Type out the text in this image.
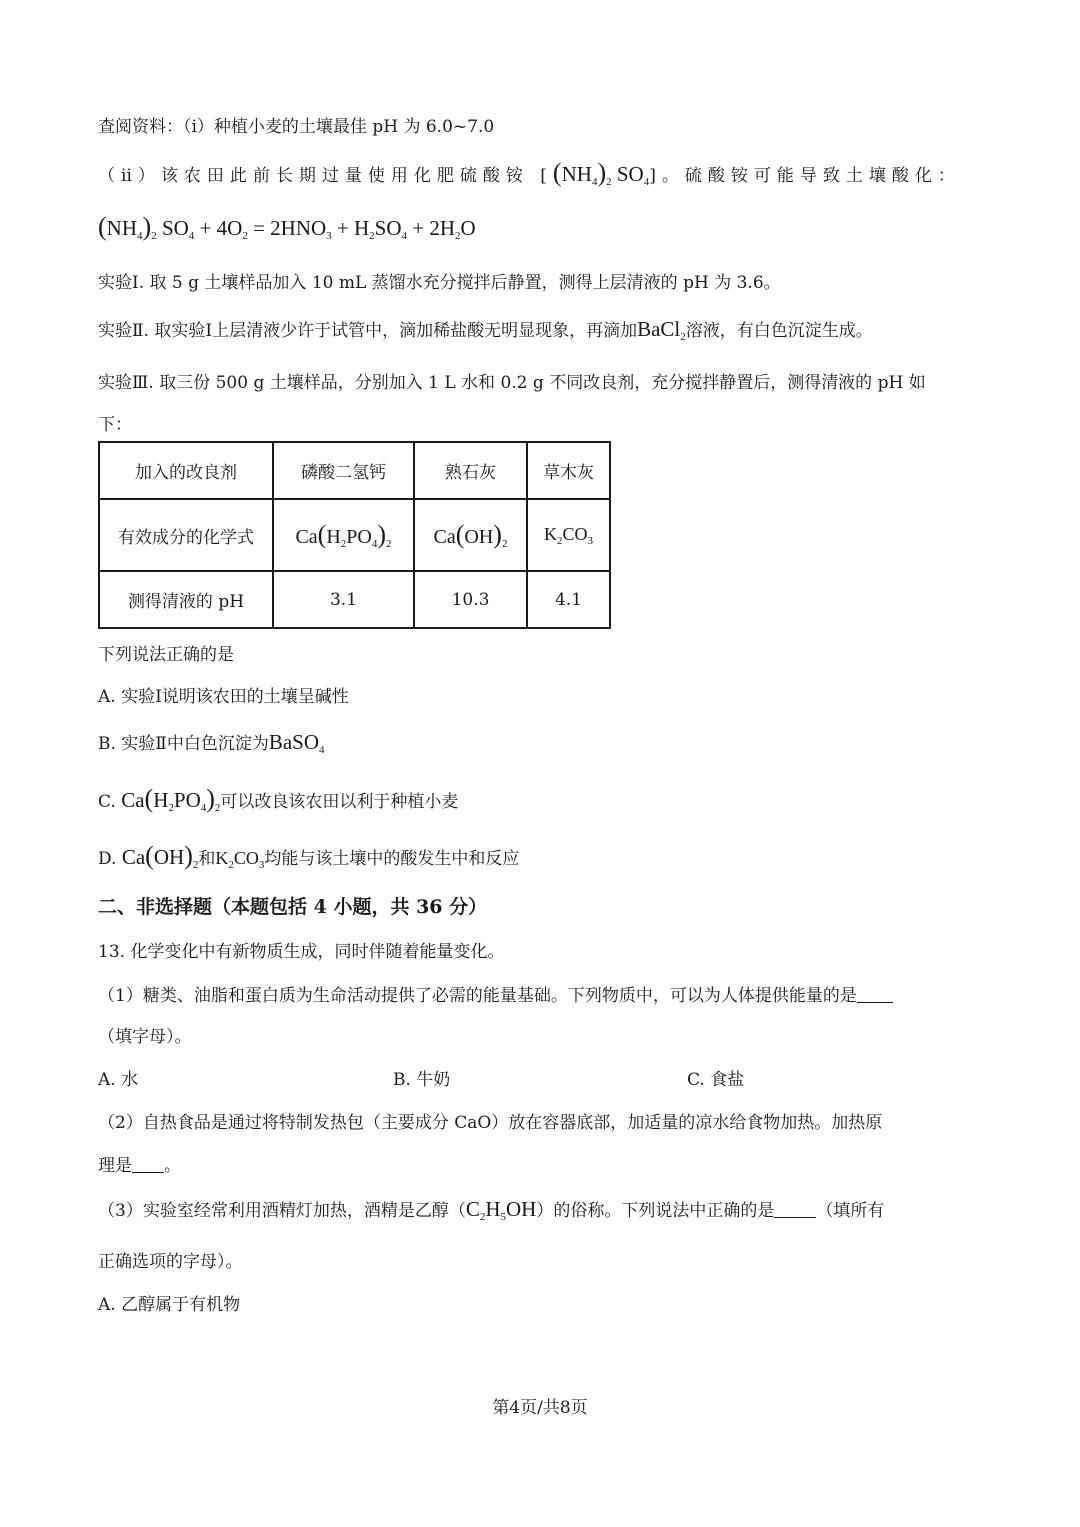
查阅资料：（i）种植小麦的土壤最佳 pH 为 6.0~7.0
（ⅱ）该农田此前长期过量使用化肥硫酸铵 [$(NH_4)_2$ $SO_4$]。硫酸铵可能导致土壤酸化：
$(NH_4)_2$ $SO_4 + 4O_2 = 2HNO_3 + H_2SO_4 + 2H_2O$
实验Ⅰ. 取 5 g 土壤样品加入 10 mL 蒸馏水充分搅拌后静置，测得上层清液的 pH 为 3.6。
实验Ⅱ. 取实验Ⅰ上层清液少许于试管中，滴加稀盐酸无明显现象，再滴加BaCl$_2$溶液，有白色沉淀生成。
实验Ⅲ. 取三份 500 g 土壤样品，分别加入 1 L 水和 0.2 g 不同改良剂，充分搅拌静置后，测得清液的 pH 如
下：
加入的改良剂	磷酸二氢钙	熟石灰	草木灰
有效成分的化学式	$Ca(H_2PO_4)_2$	$Ca(OH)_2$	$K_2CO_3$
测得清液的 pH	3.1	10.3	4.1
下列说法正确的是
A. 实验Ⅰ说明该农田的土壤呈碱性
B. 实验Ⅱ中白色沉淀为BaSO$_4$
C. $Ca(H_2PO_4)_2$可以改良该农田以利于种植小麦
D. $Ca(OH)_2$和$K_2CO_3$均能与该土壤中的酸发生中和反应
二、非选择题（本题包括 4 小题，共 36 分）
13. 化学变化中有新物质生成，同时伴随着能量变化。
（1）糖类、油脂和蛋白质为生命活动提供了必需的能量基础。下列物质中，可以为人体提供能量的是
（填字母）。
A. 水	B. 牛奶	C. 食盐
（2）自热食品是通过将特制发热包（主要成分 CaO）放在容器底部，加适量的凉水给食物加热。加热原
理是 。
（3）实验室经常利用酒精灯加热，酒精是乙醇$(C_2H_5OH)$的俗称。下列说法中正确的是 （填所有
正确选项的字母）。
A. 乙醇属于有机物
第4页/共8页
